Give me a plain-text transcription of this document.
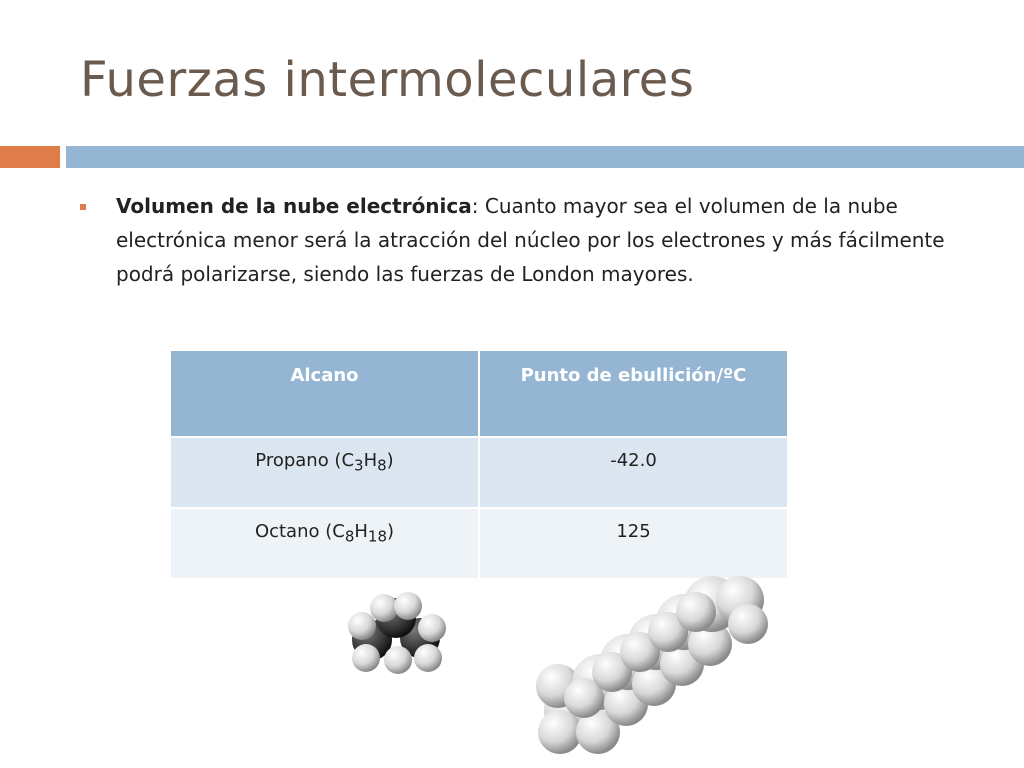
Fuerzas intermoleculares
Volumen de la nube electrónica: Cuanto mayor sea el volumen de la nube electrónica menor será la atracción del núcleo por los electrones y más fácilmente podrá polarizarse, siendo las fuerzas de London mayores.
Alcano	Punto de ebullición/ºC
Propano $(C_3H_8)$	-42.0
Octano $(C_8H_{18})$	125
